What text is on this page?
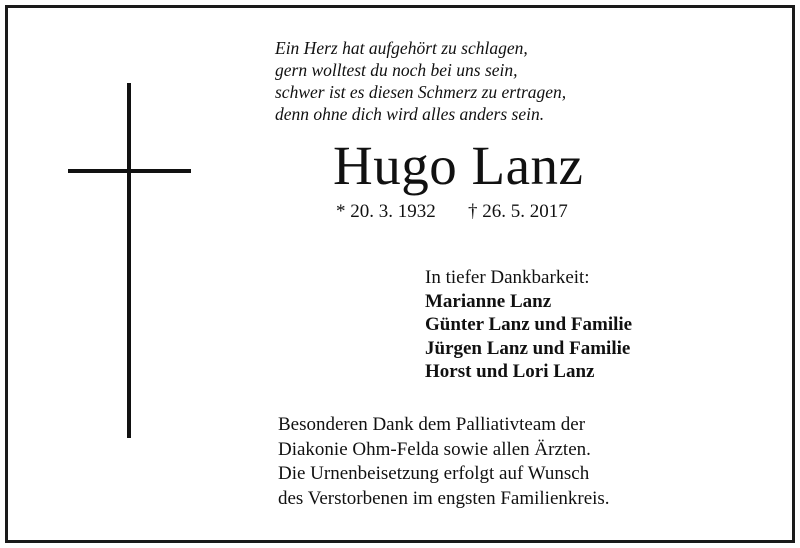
Ein Herz hat aufgehört zu schlagen,
gern wolltest du noch bei uns sein,
schwer ist es diesen Schmerz zu ertragen,
denn ohne dich wird alles anders sein.
Hugo Lanz
* 20. 3. 1932 † 26. 5. 2017
In tiefer Dankbarkeit:
Marianne Lanz
Günter Lanz und Familie
Jürgen Lanz und Familie
Horst und Lori Lanz
Besonderen Dank dem Palliativteam der
Diakonie Ohm-Felda sowie allen Ärzten.
Die Urnenbeisetzung erfolgt auf Wunsch
des Verstorbenen im engsten Familienkreis.
